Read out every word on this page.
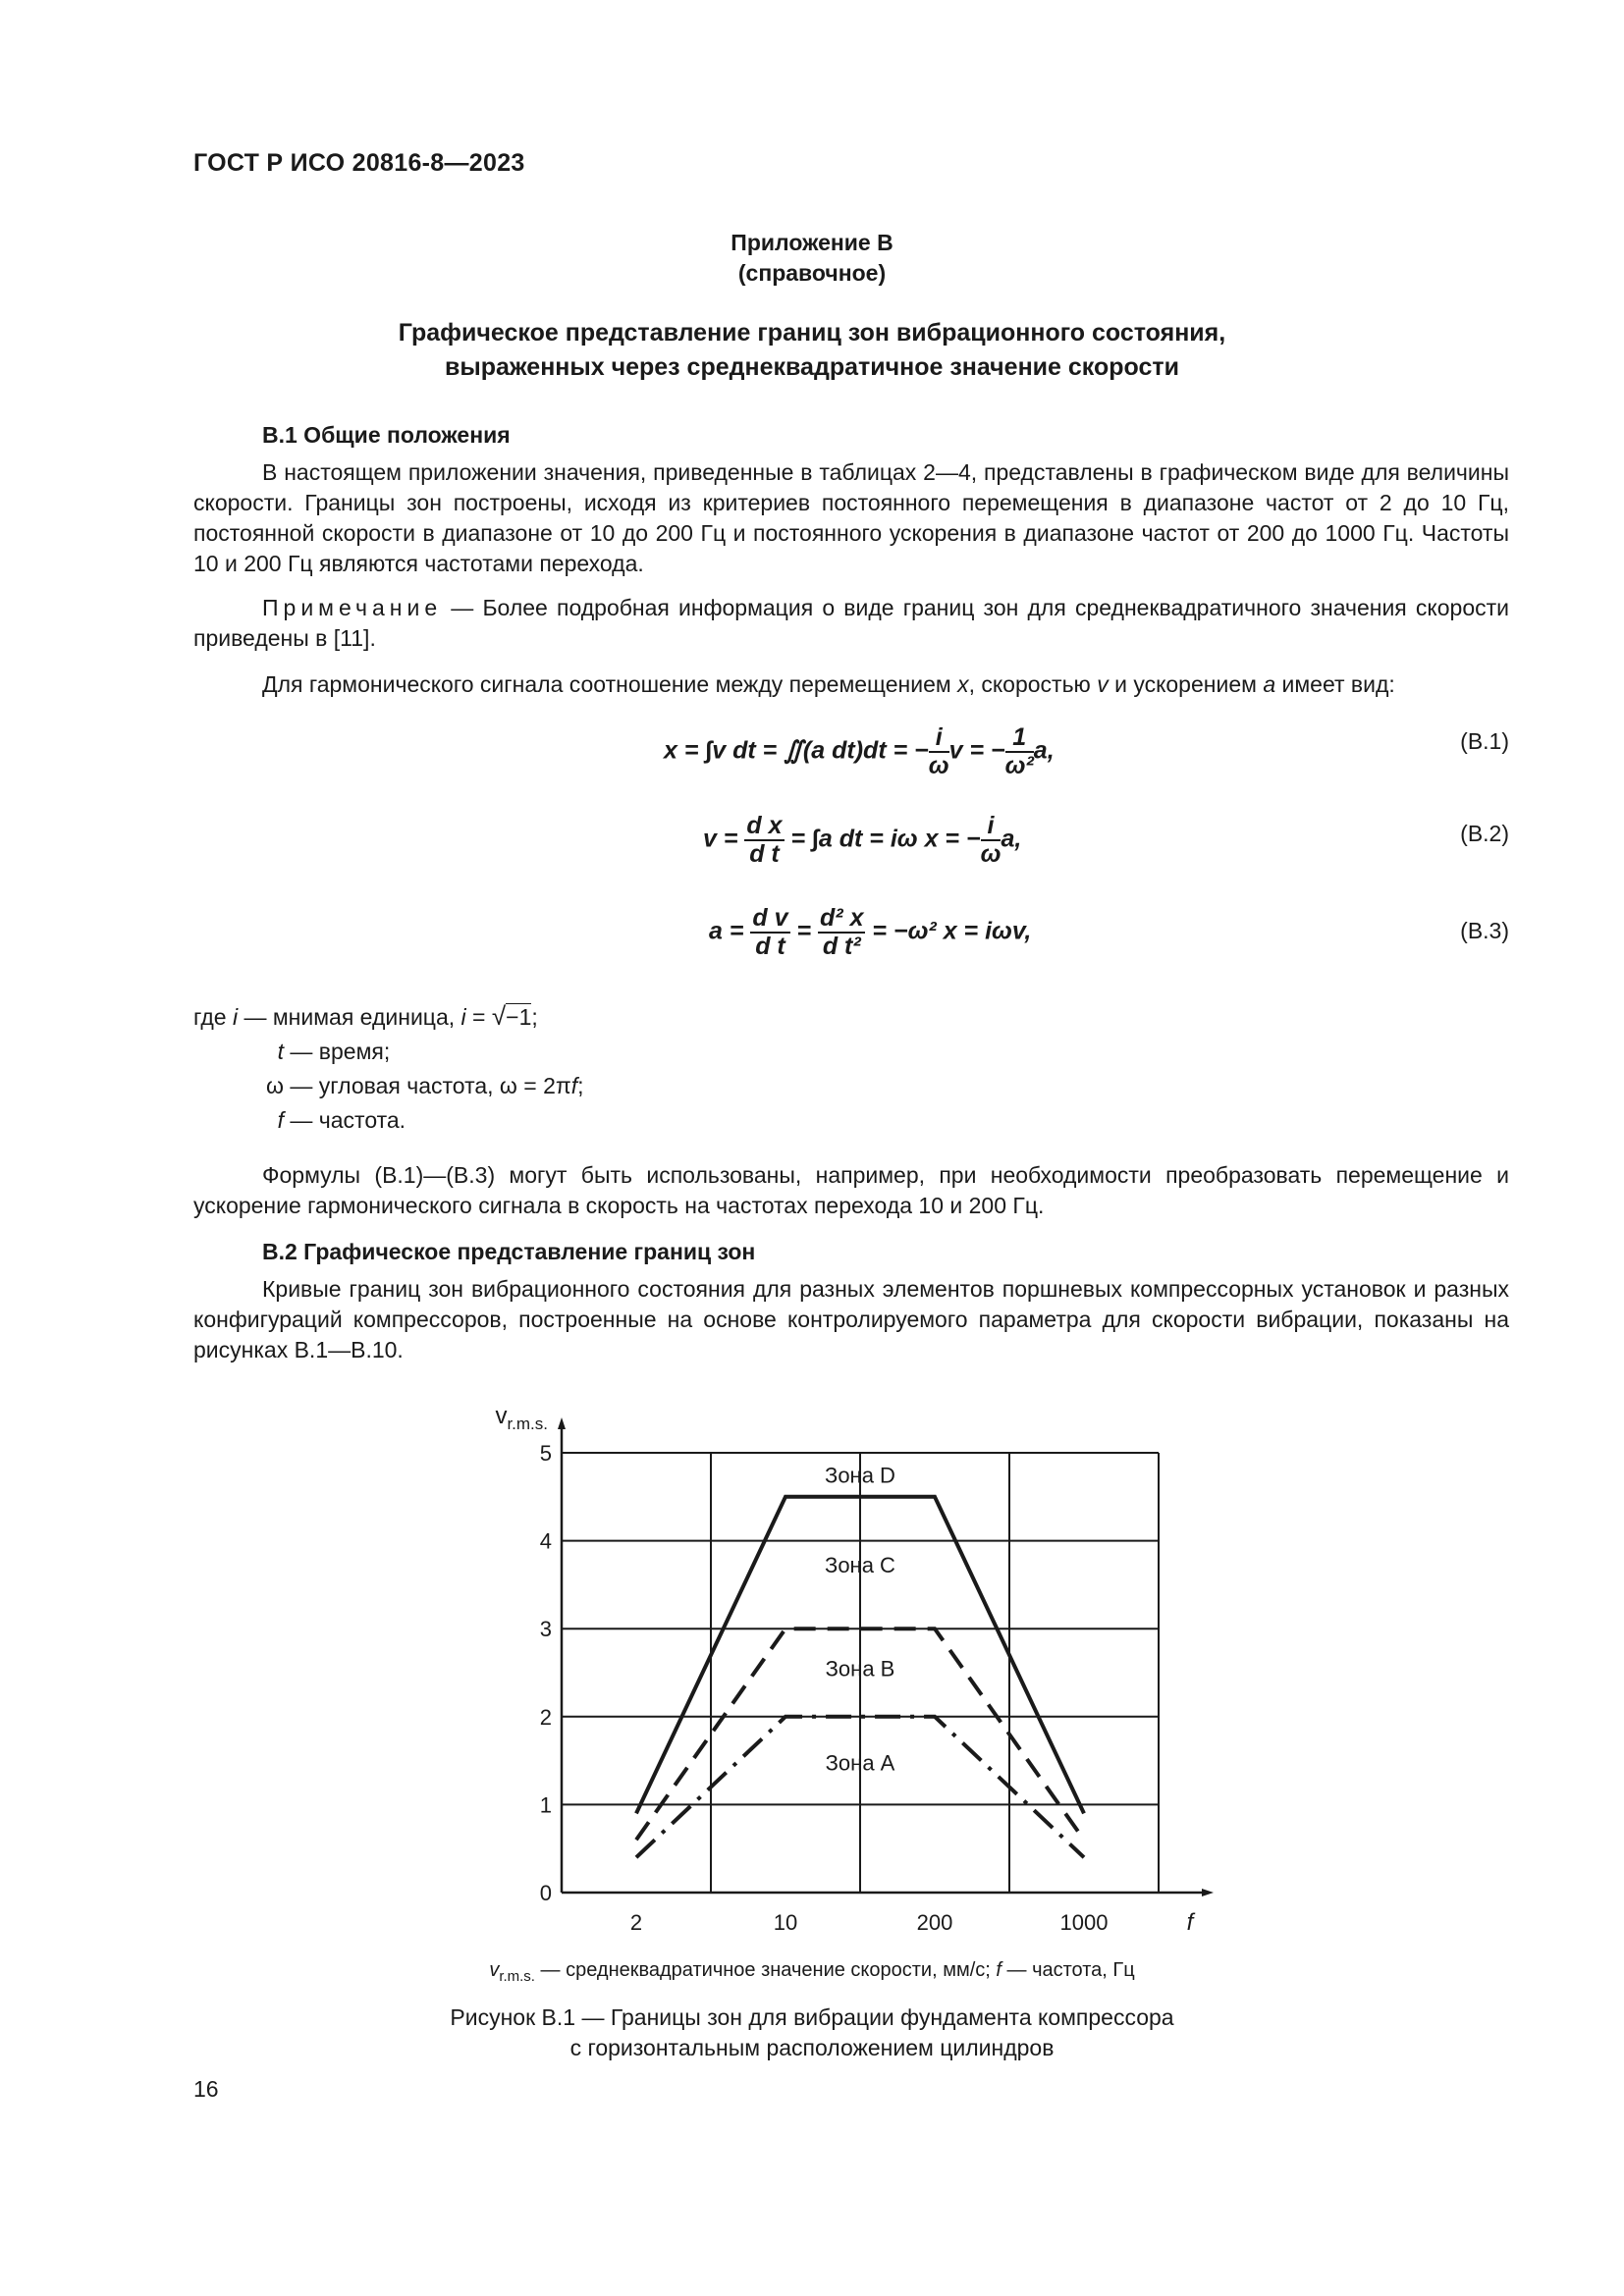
ГОСТ Р ИСО 20816-8—2023
Приложение В
(справочное)
Графическое представление границ зон вибрационного состояния,
выраженных через среднеквадратичное значение скорости
В.1 Общие положения
В настоящем приложении значения, приведенные в таблицах 2—4, представлены в графическом виде для величины скорости. Границы зон построены, исходя из критериев постоянного перемещения в диапазоне частот от 2 до 10 Гц, постоянной скорости в диапазоне от 10 до 200 Гц и постоянного ускорения в диапазоне частот от 200 до 1000 Гц. Частоты 10 и 200 Гц являются частотами перехода.
Примечание — Более подробная информация о виде границ зон для среднеквадратичного значения скорости приведены в [11].
Для гармонического сигнала соотношение между перемещением x, скоростью v и ускорением a имеет вид:
x = ∫v dt = ∬(a dt)dt = − $\frac{i}{\omega}$ v = − $\frac{1}{\text{ω²}} a$,	(В.1)
$v = \frac{\text{d x}}{\text{d t}} = \int a$ dt = iω x = − $\frac{i}{\omega} a$,	(В.2)
$a = \frac{\text{d v}}{\text{d t}} = \frac{\text{d² x}}{\text{d t²}} = -\omega^2$ x = iωv,	(В.3)
где i — мнимая единица, i = √−1;
t — время;
ω — угловая частота, ω = 2πf;
f — частота.
Формулы (В.1)—(В.3) могут быть использованы, например, при необходимости преобразовать перемещение и ускорение гармонического сигнала в скорость на частотах перехода 10 и 200 Гц.
В.2 Графическое представление границ зон
Кривые границ зон вибрационного состояния для разных элементов поршневых компрессорных установок и разных конфигураций компрессоров, построенные на основе контролируемого параметра для скорости вибрации, показаны на рисунках В.1—В.10.
0
1
2
3
4
5
2	10	200	1000
$v_{r.m.s.}$
f
Зона D
Зона C
Зона B
Зона A
$v_{r.m.s.}$ — среднеквадратичное значение скорости, мм/с; f — частота, Гц
Рисунок В.1 — Границы зон для вибрации фундамента компрессора
с горизонтальным расположением цилиндров
16
